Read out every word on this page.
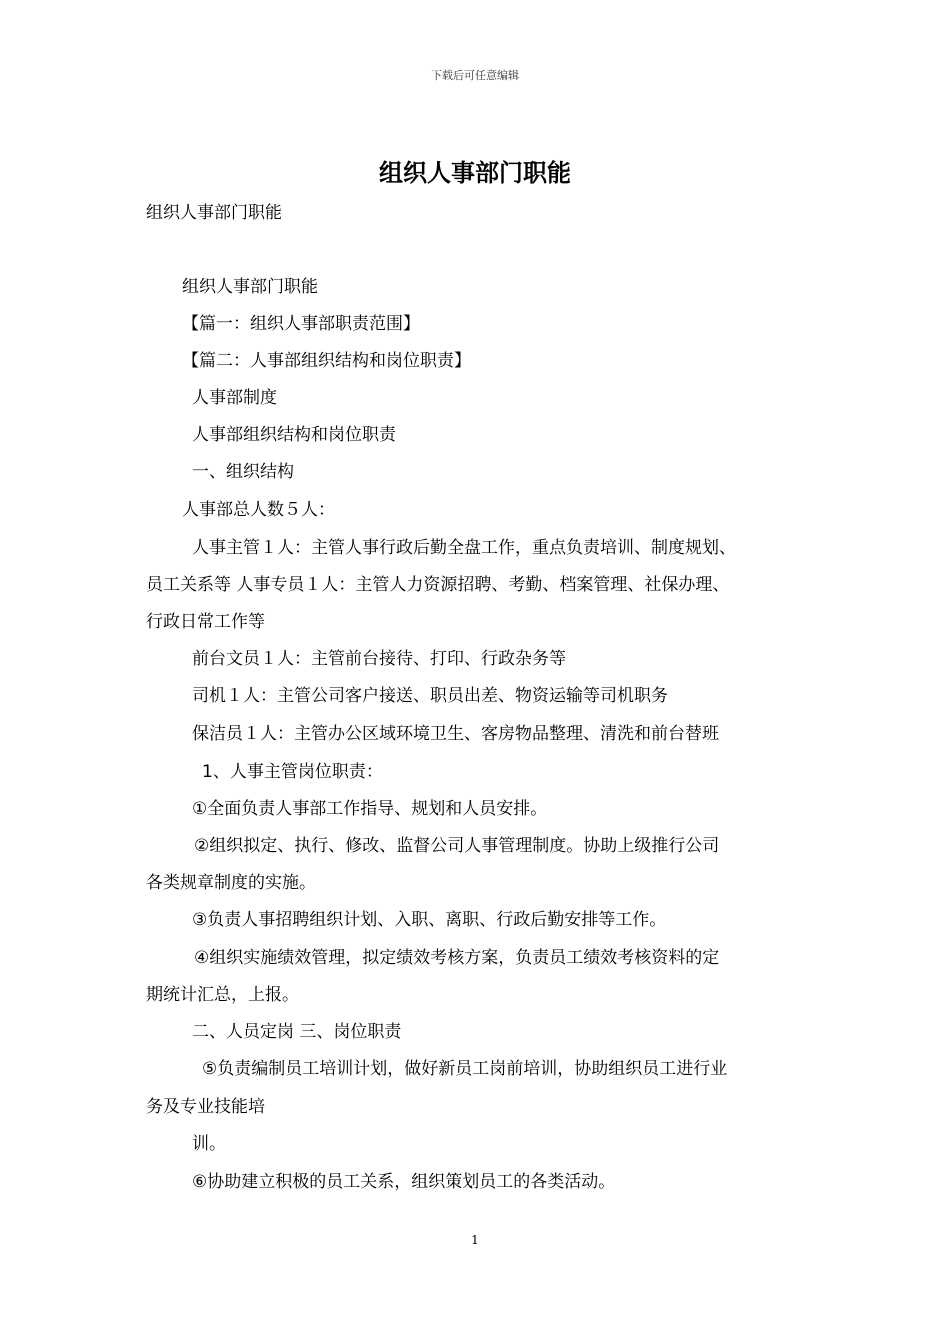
下载后可任意编辑
组织人事部门职能
组织人事部门职能
组织人事部门职能
【篇一：组织人事部职责范围】
【篇二：人事部组织结构和岗位职责】
人事部制度
人事部组织结构和岗位职责
一、组织结构
人事部总人数５人：
人事主管１人：主管人事行政后勤全盘工作，重点负责培训、制度规划、
员工关系等 人事专员１人：主管人力资源招聘、考勤、档案管理、社保办理、
行政日常工作等
前台文员１人：主管前台接待、打印、行政杂务等
司机１人：主管公司客户接送、职员出差、物资运输等司机职务
保洁员１人：主管办公区域环境卫生、客房物品整理、清洗和前台替班
1、人事主管岗位职责：
①全面负责人事部工作指导、规划和人员安排。
②组织拟定、执行、修改、监督公司人事管理制度。协助上级推行公司
各类规章制度的实施。
③负责人事招聘组织计划、入职、离职、行政后勤安排等工作。
④组织实施绩效管理，拟定绩效考核方案，负责员工绩效考核资料的定
期统计汇总，上报。
二、人员定岗 三、岗位职责
⑤负责编制员工培训计划，做好新员工岗前培训，协助组织员工进行业
务及专业技能培
训。
⑥协助建立积极的员工关系，组织策划员工的各类活动。
1
